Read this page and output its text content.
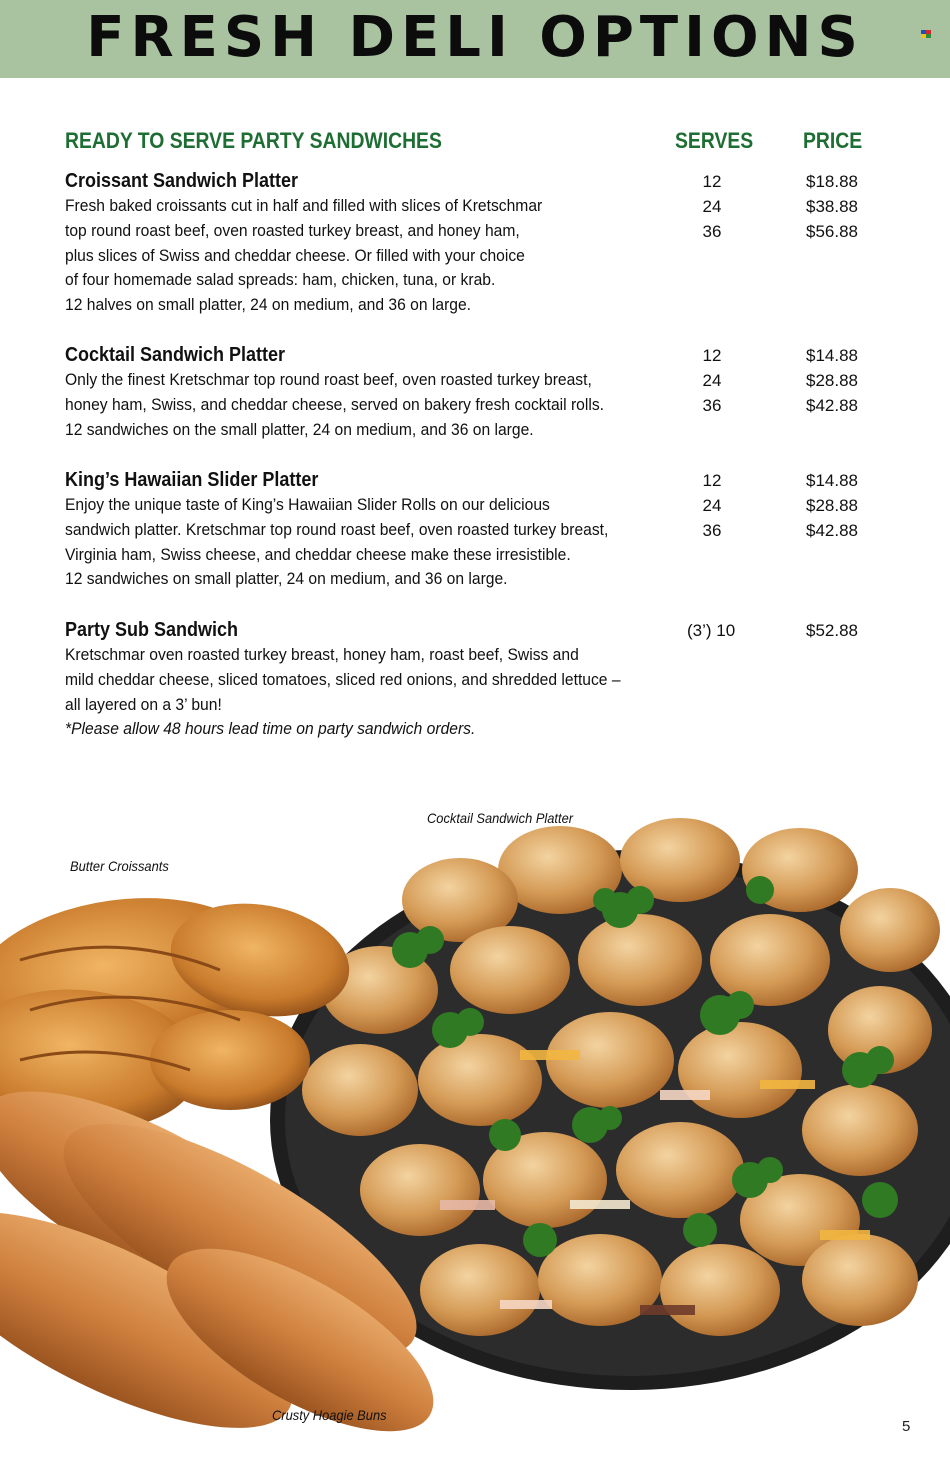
FRESH DELI OPTIONS
READY TO SERVE PARTY SANDWICHES	SERVES PRICE
Croissant Sandwich Platter
Fresh baked croissants cut in half and filled with slices of Kretschmar
top round roast beef, oven roasted turkey breast, and honey ham,
plus slices of Swiss and cheddar cheese. Or filled with your choice
of four homemade salad spreads: ham, chicken, tuna, or krab.
12 halves on small platter, 24 on medium, and 36 on large.
12	$18.88
24	$38.88
36	$56.88
Cocktail Sandwich Platter
Only the finest Kretschmar top round roast beef, oven roasted turkey breast,
honey ham, Swiss, and cheddar cheese, served on bakery fresh cocktail rolls.
12 sandwiches on the small platter, 24 on medium, and 36 on large.
12	$14.88
24	$28.88
36	$42.88
King’s Hawaiian Slider Platter
Enjoy the unique taste of King’s Hawaiian Slider Rolls on our delicious
sandwich platter. Kretschmar top round roast beef, oven roasted turkey breast,
Virginia ham, Swiss cheese, and cheddar cheese make these irresistible.
12 sandwiches on small platter, 24 on medium, and 36 on large.
12	$14.88
24	$28.88
36	$42.88
Party Sub Sandwich
Kretschmar oven roasted turkey breast, honey ham, roast beef, Swiss and
mild cheddar cheese, sliced tomatoes, sliced red onions, and shredded lettuce –
all layered on a 3’ bun!
*Please allow 48 hours lead time on party sandwich orders.
(3’) 10	$52.88
Cocktail Sandwich Platter
Butter Croissants
Crusty Hoagie Buns
5
